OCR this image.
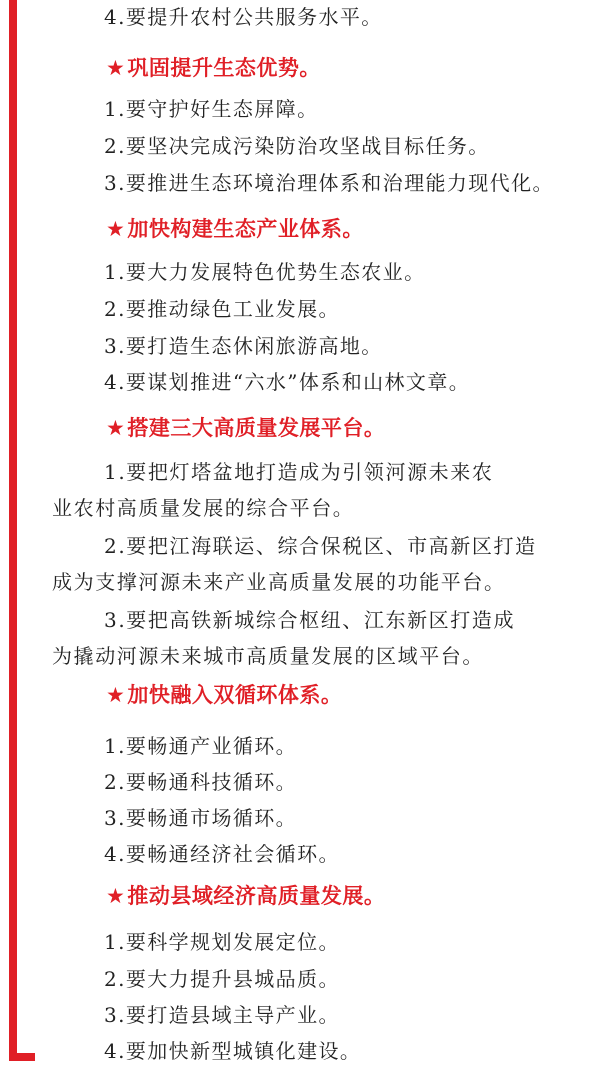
4.要提升农村公共服务水平。
★巩固提升生态优势。
1.要守护好生态屏障。
2.要坚决完成污染防治攻坚战目标任务。
3.要推进生态环境治理体系和治理能力现代化。
★加快构建生态产业体系。
1.要大力发展特色优势生态农业。
2.要推动绿色工业发展。
3.要打造生态休闲旅游高地。
4.要谋划推进“六水”体系和山林文章。
★搭建三大高质量发展平台。
1.要把灯塔盆地打造成为引领河源未来农
业农村高质量发展的综合平台。
2.要把江海联运、综合保税区、市高新区打造
成为支撑河源未来产业高质量发展的功能平台。
3.要把高铁新城综合枢纽、江东新区打造成
为撬动河源未来城市高质量发展的区域平台。
★加快融入双循环体系。
1.要畅通产业循环。
2.要畅通科技循环。
3.要畅通市场循环。
4.要畅通经济社会循环。
★推动县域经济高质量发展。
1.要科学规划发展定位。
2.要大力提升县城品质。
3.要打造县域主导产业。
4.要加快新型城镇化建设。
